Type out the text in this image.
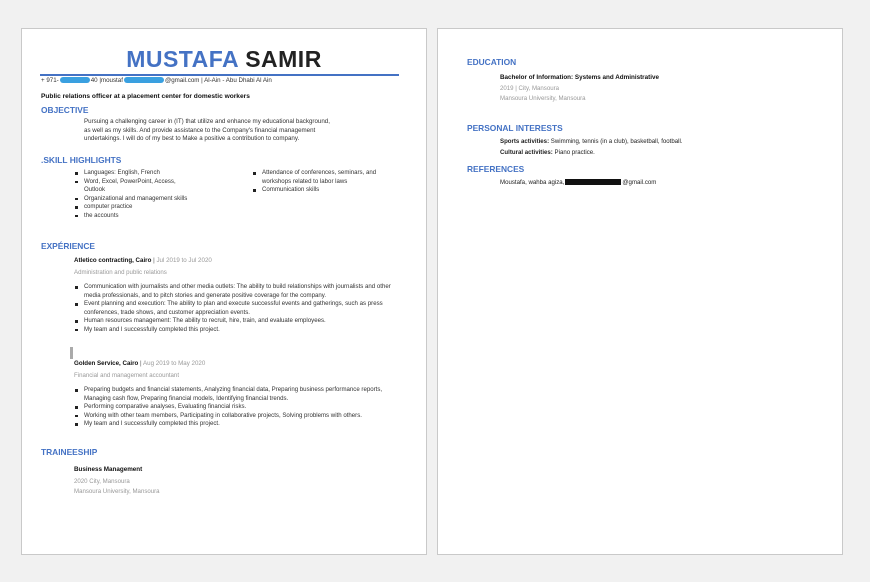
MUSTAFA SAMIR
+ 971-	40 |moustaf	@gmail.com | Al-Ain - Abu Dhabi Al Ain
Public relations officer at a placement center for domestic workers
OBJECTIVE
Pursuing a challenging career in (IT) that utilize and enhance my educational background,
as well as my skills. And provide assistance to the Company's financial management
undertakings. I will do of my best to Make a positive a contribution to company.
.SKILL HIGHLIGHTS
Languages: English, French
Word, Excel, PowerPoint, Access, Outlook
Organizational and management skills
computer practice
the accounts
Attendance of conferences, seminars, and workshops related to labor laws
Communication skills
EXPÉRIENCE
Atletico contracting, Cairo | Jul 2019 to Jul 2020
Administration and public relations
Communication with journalists and other media outlets: The ability to build relationships with journalists and other media professionals, and to pitch stories and generate positive coverage for the company.
Event planning and execution: The ability to plan and execute successful events and gatherings, such as press conferences, trade shows, and customer appreciation events.
Human resources management: The ability to recruit, hire, train, and evaluate employees.
My team and I successfully completed this project.
Golden Service, Cairo | Aug 2019 to May 2020
Financial and management accountant
Preparing budgets and financial statements, Analyzing financial data, Preparing business performance reports, Managing cash flow, Preparing financial models, Identifying financial trends.
Performing comparative analyses, Evaluating financial risks.
Working with other team members, Participating in collaborative projects, Solving problems with others.
My team and I successfully completed this project.
TRAINEESHIP
Business Management
2020 City, Mansoura
Mansoura University, Mansoura
EDUCATION
Bachelor of Information: Systems and Administrative
2019 | City, Mansoura
Mansoura University, Mansoura
PERSONAL INTERESTS
Sports activities: Swimming, tennis (in a club), basketball, football.
Cultural activities: Piano practice.
REFERENCES
Moustafa, wahba agiza,	@gmail.com
